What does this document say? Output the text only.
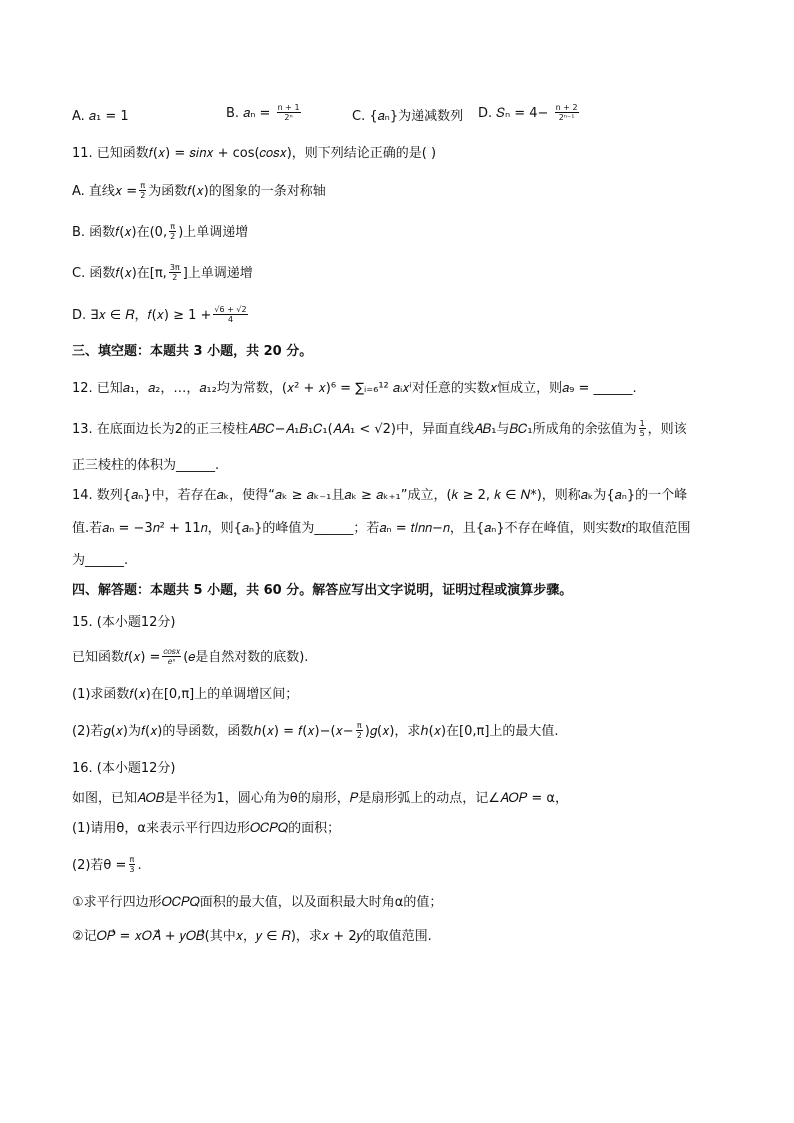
A. 𝑎₁ = 1	B. 𝑎ₙ = $\frac{n + 1}{\text{2ⁿ}}$	C. {𝑎ₙ}为递减数列 D. 𝑆ₙ = $4- \frac{n + 2}{\text{2ⁿ⁻¹}}$
11. 已知函数𝑓(𝑥) = 𝑠𝑖𝑛𝑥 + cos(𝑐𝑜𝑠𝑥)，则下列结论正确的是( )
A. 直线𝑥 = $\frac{\pi}{2}$ 为函数𝑓(𝑥)的图象的一条对称轴
B. 函数𝑓(𝑥)在(0, $\frac{\pi}{2}$ )上单调递增
C. 函数𝑓(𝑥)在[π, $\frac{3\pi}{2}$ ]上单调递增
D. ∃𝑥 ∈ 𝑅，𝑓(𝑥) ≥ $1 + \frac{√6 + √2}{4}$
三、填空题：本题共 3 小题，共 20 分。
12. 已知𝑎₁，𝑎₂，…，𝑎₁₂均为常数，(𝑥² + 𝑥)⁶ = ∑ᵢ₌₆¹² 𝑎ᵢ𝑥ⁱ对任意的实数𝑥恒成立，则𝑎₉ = ______.
13. 在底面边长为2的正三棱柱𝐴𝐵𝐶−𝐴₁𝐵₁𝐶₁(𝐴𝐴₁ < √2)中，异面直线𝐴𝐵₁与𝐵𝐶₁所成角的余弦值为 $\frac{1}{5}$ ，则该
正三棱柱的体积为______.
14. 数列{𝑎ₙ}中，若存在𝑎ₖ，使得“𝑎ₖ ≥ 𝑎ₖ₋₁且𝑎ₖ ≥ 𝑎ₖ₊₁”成立，(𝑘 ≥ 2, 𝑘 ∈ 𝑁*)，则称𝑎ₖ为{𝑎ₙ}的一个峰
值.若𝑎ₙ = −3𝑛² + 11𝑛，则{𝑎ₙ}的峰值为______；若𝑎ₙ = 𝑡𝑙𝑛𝑛−𝑛，且{𝑎ₙ}不存在峰值，则实数𝑡的取值范围
为______.
四、解答题：本题共 5 小题，共 60 分。解答应写出文字说明，证明过程或演算步骤。
15. (本小题12分)
已知函数𝑓(𝑥) = $\frac{\text{𝑐𝑜𝑠𝑥}}{\text{𝑒ˣ}}$ (𝑒是自然对数的底数).
(1)求函数𝑓(𝑥)在[0,π]上的单调增区间；
(2)若𝑔(𝑥)为𝑓(𝑥)的导函数，函数ℎ(𝑥) = 𝑓(𝑥)−(𝑥− $\frac{\pi}{2}$ )𝑔(𝑥)，求ℎ(𝑥)在[0,π]上的最大值.
16. (本小题12分)
如图，已知𝐴𝑂𝐵是半径为1，圆心角为θ的扇形，𝑃是扇形弧上的动点，记∠𝐴𝑂𝑃 = α，
(1)请用θ，α来表示平行四边形𝑂𝐶𝑃𝑄的面积；
(2)若$\theta = \frac{\pi}{3}$ .
①求平行四边形𝑂𝐶𝑃𝑄面积的最大值，以及面积最大时角α的值；
②记𝑂𝑃⃗ = 𝑥𝑂𝐴⃗ + 𝑦𝑂𝐵⃗(其中𝑥，𝑦 ∈ 𝑅)，求𝑥 + 2𝑦的取值范围.
